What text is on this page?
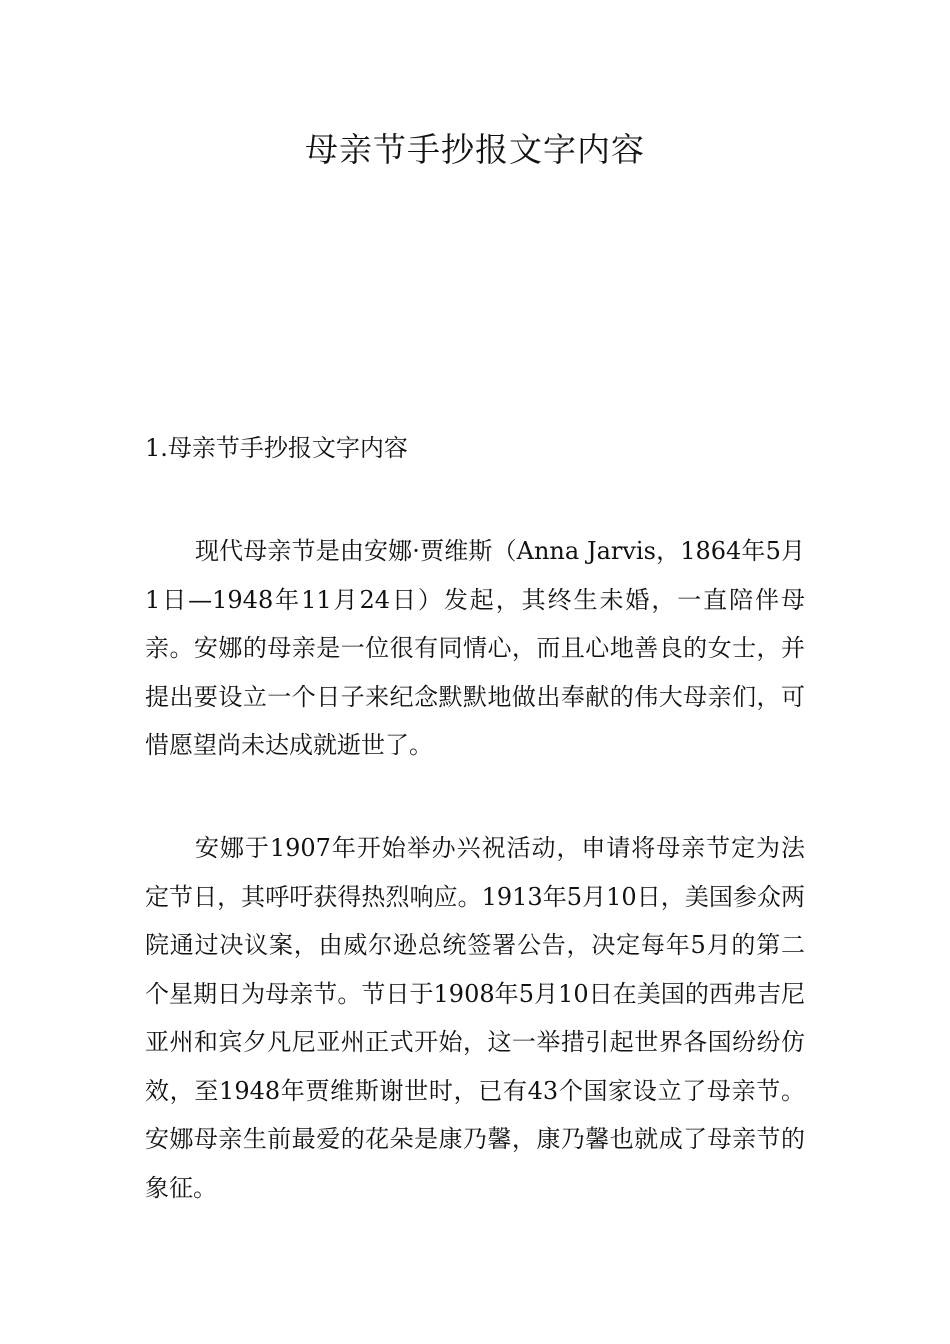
母亲节手抄报文字内容
1.母亲节手抄报文字内容

现代母亲节是由安娜·贾维斯（Anna Jarvis，1864年5月1日—1948年11月24日）发起，其终生未婚，一直陪伴母亲。安娜的母亲是一位很有同情心，而且心地善良的女士，并提出要设立一个日子来纪念默默地做出奉献的伟大母亲们，可惜愿望尚未达成就逝世了。

安娜于1907年开始举办兴祝活动，申请将母亲节定为法定节日，其呼吁获得热烈响应。1913年5月10日，美国参众两院通过决议案，由威尔逊总统签署公告，决定每年5月的第二个星期日为母亲节。节日于1908年5月10日在美国的西弗吉尼亚州和宾夕凡尼亚州正式开始，这一举措引起世界各国纷纷仿效，至1948年贾维斯谢世时，已有43个国家设立了母亲节。安娜母亲生前最爱的花朵是康乃馨，康乃馨也就成了母亲节的象征。
